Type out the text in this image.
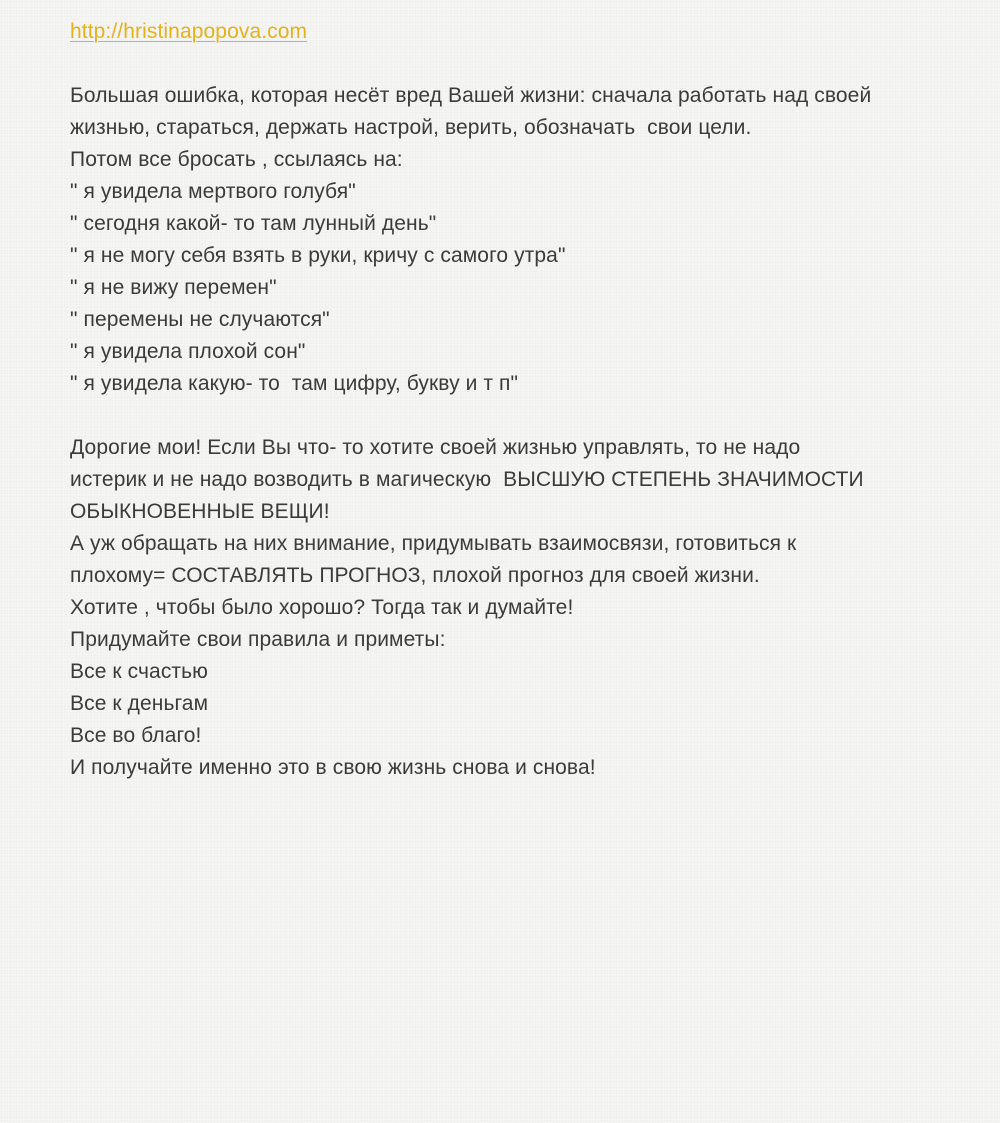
http://hristinapopova.com
Большая ошибка, которая несёт вред Вашей жизни: сначала работать над своей
жизнью, стараться, держать настрой, верить, обозначать  свои цели.
Потом все бросать , ссылаясь на:
" я увидела мертвого голубя"
" сегодня какой- то там лунный день"
" я не могу себя взять в руки, кричу с самого утра"
" я не вижу перемен"
" перемены не случаются"
" я увидела плохой сон"
" я увидела какую- то  там цифру, букву и т п"
Дорогие мои! Если Вы что- то хотите своей жизнью управлять, то не надо
истерик и не надо возводить в магическую  ВЫСШУЮ СТЕПЕНЬ ЗНАЧИМОСТИ
ОБЫКНОВЕННЫЕ ВЕЩИ!
А уж обращать на них внимание, придумывать взаимосвязи, готовиться к
плохому= СОСТАВЛЯТЬ ПРОГНОЗ, плохой прогноз для своей жизни.
Хотите , чтобы было хорошо? Тогда так и думайте!
Придумайте свои правила и приметы:
Все к счастью
Все к деньгам
Все во благо!
И получайте именно это в свою жизнь снова и снова!
